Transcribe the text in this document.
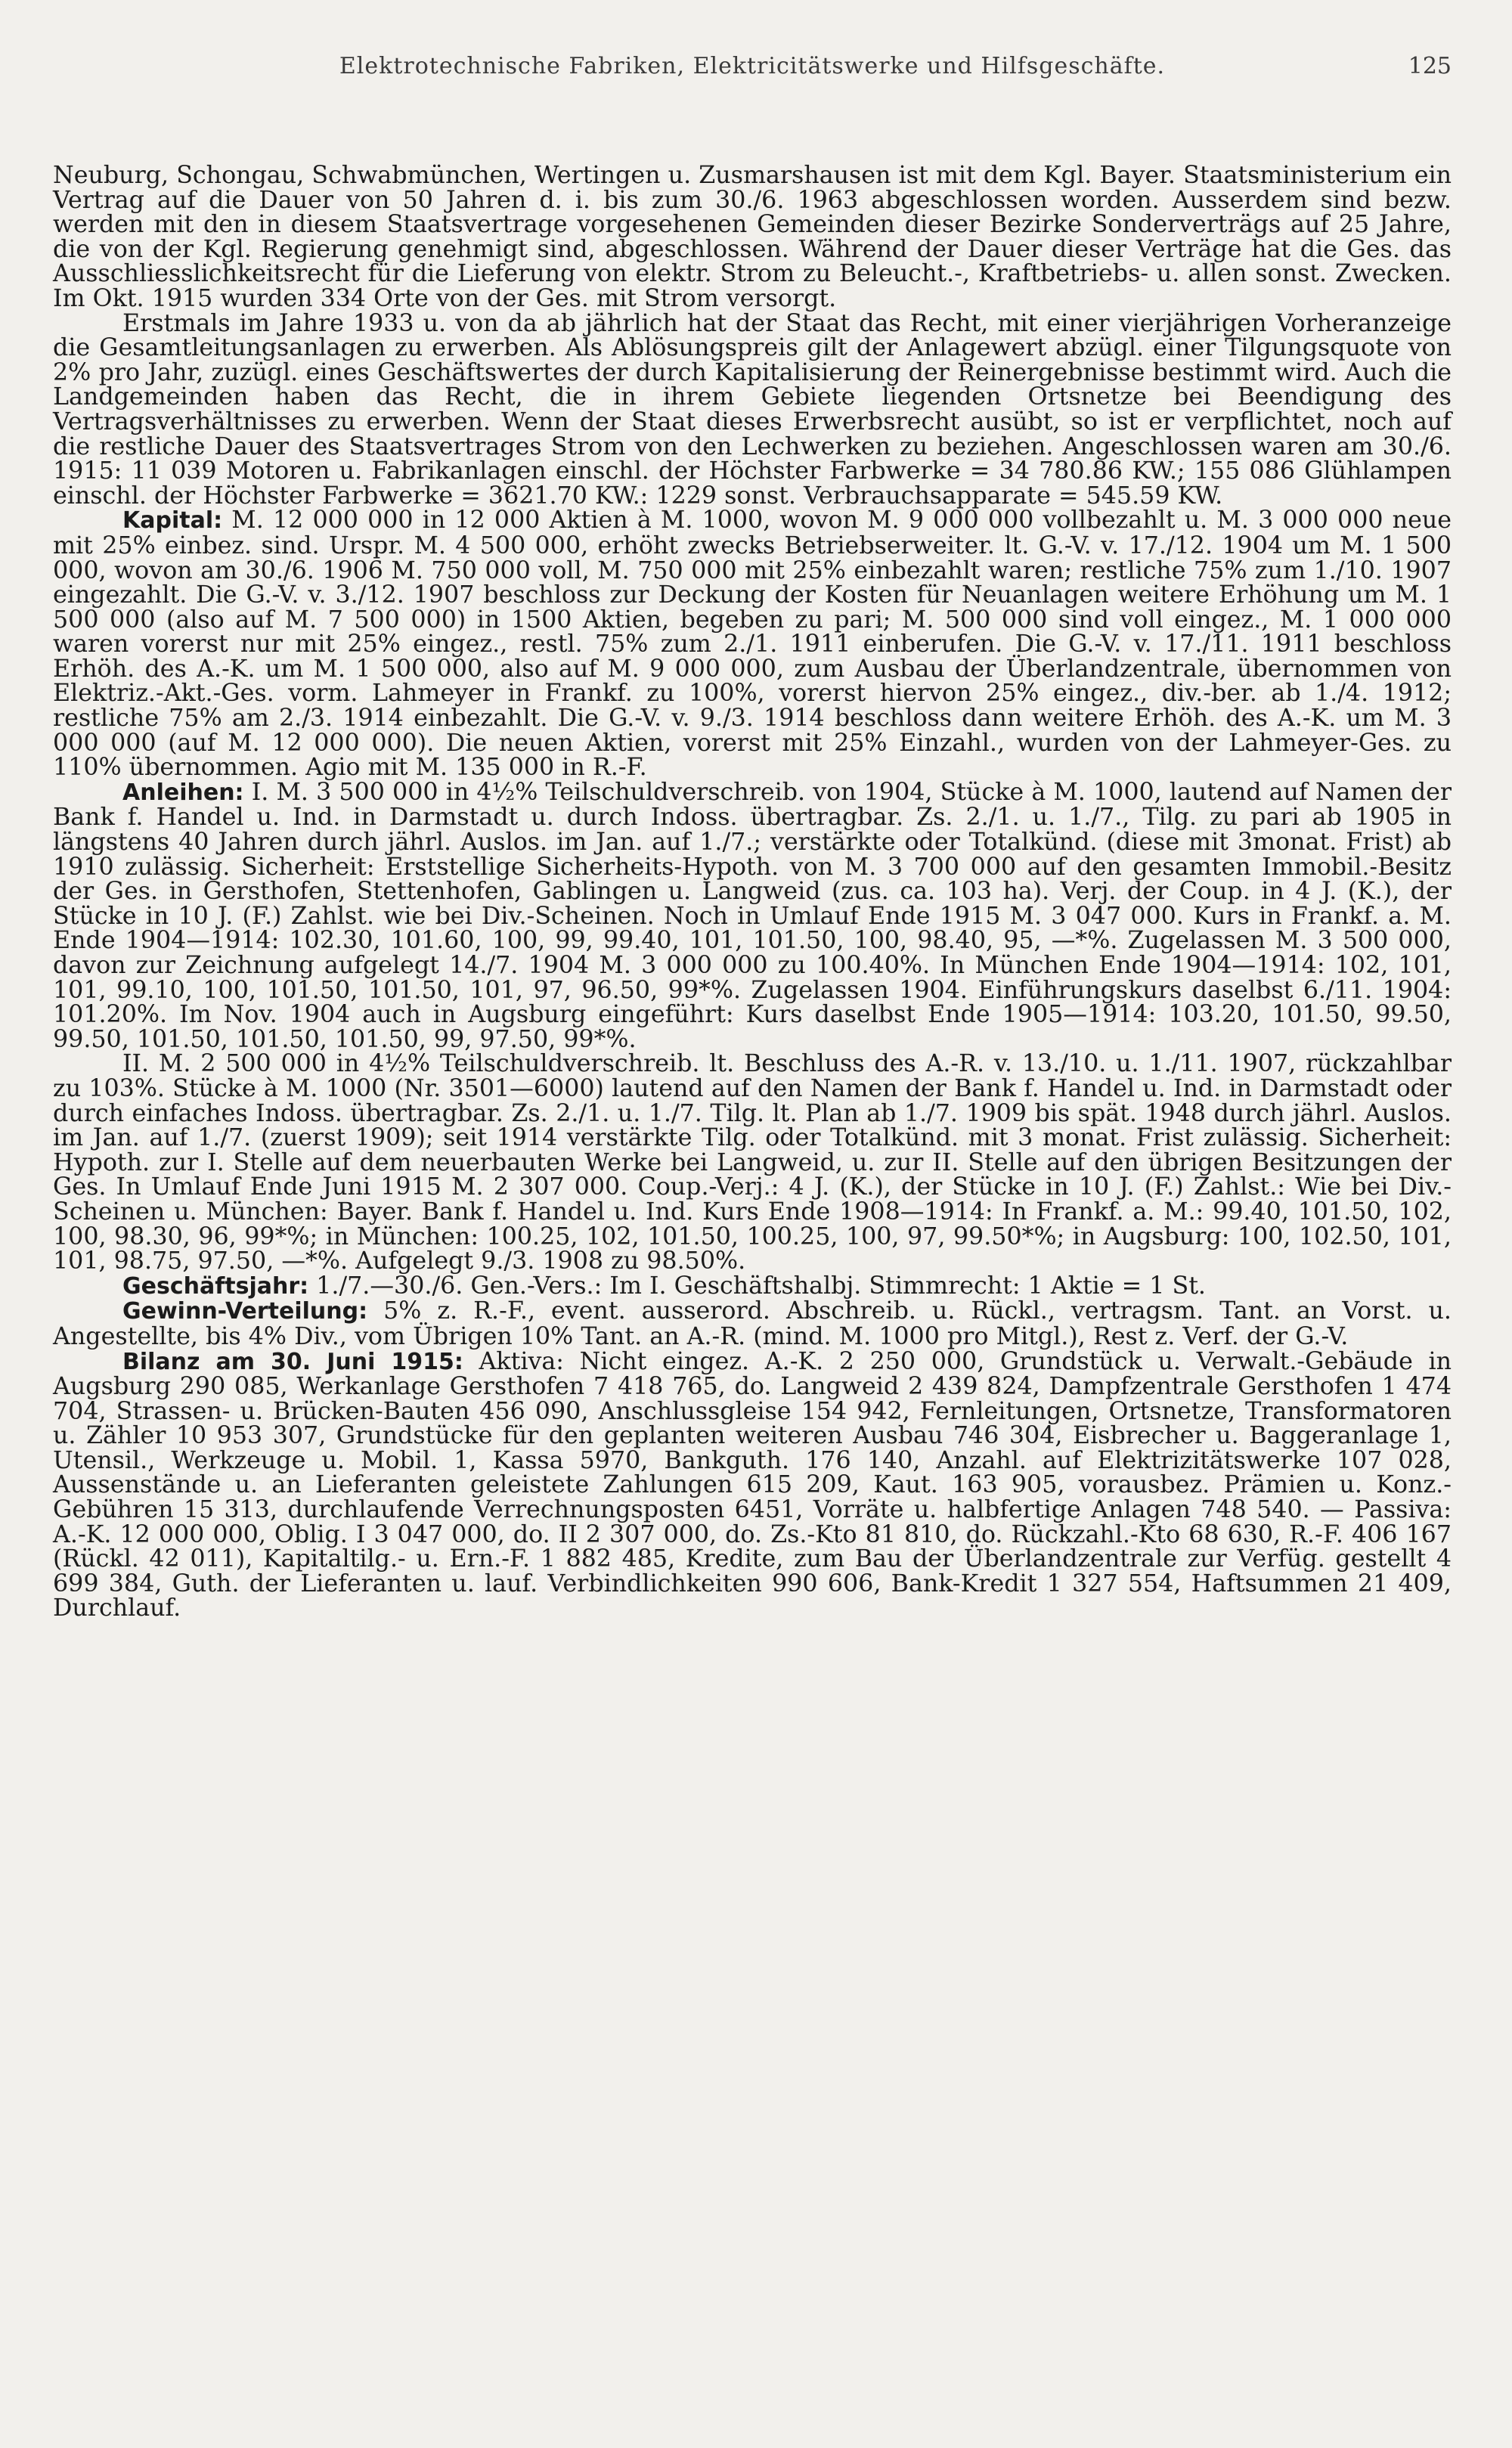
Elektrotechnische Fabriken, Elektricitätswerke und Hilfsgeschäfte.	125

Neuburg, Schongau, Schwabmünchen, Wertingen u. Zusmarshausen ist mit dem Kgl. Bayer. Staatsministerium ein Vertrag auf die Dauer von 50 Jahren d. i. bis zum 30./6. 1963 abgeschlossen worden. Ausserdem sind bezw. werden mit den in diesem Staatsvertrage vorgesehenen Gemeinden dieser Bezirke Sonderverträgs auf 25 Jahre, die von der Kgl. Regierung genehmigt sind, abgeschlossen. Während der Dauer dieser Verträge hat die Ges. das Ausschliesslichkeitsrecht für die Lieferung von elektr. Strom zu Beleucht.-, Kraftbetriebs- u. allen sonst. Zwecken. Im Okt. 1915 wurden 334 Orte von der Ges. mit Strom versorgt.

Erstmals im Jahre 1933 u. von da ab jährlich hat der Staat das Recht, mit einer vierjährigen Vorheranzeige die Gesamtleitungsanlagen zu erwerben. Als Ablösungspreis gilt der Anlagewert abzügl. einer Tilgungsquote von 2% pro Jahr, zuzügl. eines Geschäftswertes der durch Kapitalisierung der Reinergebnisse bestimmt wird. Auch die Landgemeinden haben das Recht, die in ihrem Gebiete liegenden Ortsnetze bei Beendigung des Vertragsverhältnisses zu erwerben. Wenn der Staat dieses Erwerbsrecht ausübt, so ist er verpflichtet, noch auf die restliche Dauer des Staatsvertrages Strom von den Lechwerken zu beziehen. Angeschlossen waren am 30./6. 1915: 11 039 Motoren u. Fabrikanlagen einschl. der Höchster Farbwerke = 34 780.86 KW.; 155 086 Glühlampen einschl. der Höchster Farbwerke = 3621.70 KW.: 1229 sonst. Verbrauchsapparate = 545.59 KW.

Kapital: M. 12 000 000 in 12 000 Aktien à M. 1000, wovon M. 9 000 000 vollbezahlt u. M. 3 000 000 neue mit 25% einbez. sind. Urspr. M. 4 500 000, erhöht zwecks Betriebserweiter. lt. G.-V. v. 17./12. 1904 um M. 1 500 000, wovon am 30./6. 1906 M. 750 000 voll, M. 750 000 mit 25% einbezahlt waren; restliche 75% zum 1./10. 1907 eingezahlt. Die G.-V. v. 3./12. 1907 beschloss zur Deckung der Kosten für Neuanlagen weitere Erhöhung um M. 1 500 000 (also auf M. 7 500 000) in 1500 Aktien, begeben zu pari; M. 500 000 sind voll eingez., M. 1 000 000 waren vorerst nur mit 25% eingez., restl. 75% zum 2./1. 1911 einberufen. Die G.-V. v. 17./11. 1911 beschloss Erhöh. des A.-K. um M. 1 500 000, also auf M. 9 000 000, zum Ausbau der Überlandzentrale, übernommen von Elektriz.-Akt.-Ges. vorm. Lahmeyer in Frankf. zu 100%, vorerst hiervon 25% eingez., div.-ber. ab 1./4. 1912; restliche 75% am 2./3. 1914 einbezahlt. Die G.-V. v. 9./3. 1914 beschloss dann weitere Erhöh. des A.-K. um M. 3 000 000 (auf M. 12 000 000). Die neuen Aktien, vorerst mit 25% Einzahl., wurden von der Lahmeyer-Ges. zu 110% übernommen. Agio mit M. 135 000 in R.-F.

Anleihen: I. M. 3 500 000 in 4½% Teilschuldverschreib. von 1904, Stücke à M. 1000, lautend auf Namen der Bank f. Handel u. Ind. in Darmstadt u. durch Indoss. übertragbar. Zs. 2./1. u. 1./7., Tilg. zu pari ab 1905 in längstens 40 Jahren durch jährl. Auslos. im Jan. auf 1./7.; verstärkte oder Totalkünd. (diese mit 3monat. Frist) ab 1910 zulässig. Sicherheit: Erststellige Sicherheits-Hypoth. von M. 3 700 000 auf den gesamten Immobil.-Besitz der Ges. in Gersthofen, Stettenhofen, Gablingen u. Langweid (zus. ca. 103 ha). Verj. der Coup. in 4 J. (K.), der Stücke in 10 J. (F.) Zahlst. wie bei Div.-Scheinen. Noch in Umlauf Ende 1915 M. 3 047 000. Kurs in Frankf. a. M. Ende 1904—1914: 102.30, 101.60, 100, 99, 99.40, 101, 101.50, 100, 98.40, 95, —*%. Zugelassen M. 3 500 000, davon zur Zeichnung aufgelegt 14./7. 1904 M. 3 000 000 zu 100.40%. In München Ende 1904—1914: 102, 101, 101, 99.10, 100, 101.50, 101.50, 101, 97, 96.50, 99*%. Zugelassen 1904. Einführungskurs daselbst 6./11. 1904: 101.20%. Im Nov. 1904 auch in Augsburg eingeführt: Kurs daselbst Ende 1905—1914: 103.20, 101.50, 99.50, 99.50, 101.50, 101.50, 101.50, 99, 97.50, 99*%.

II. M. 2 500 000 in 4½% Teilschuldverschreib. lt. Beschluss des A.-R. v. 13./10. u. 1./11. 1907, rückzahlbar zu 103%. Stücke à M. 1000 (Nr. 3501—6000) lautend auf den Namen der Bank f. Handel u. Ind. in Darmstadt oder durch einfaches Indoss. übertragbar. Zs. 2./1. u. 1./7. Tilg. lt. Plan ab 1./7. 1909 bis spät. 1948 durch jährl. Auslos. im Jan. auf 1./7. (zuerst 1909); seit 1914 verstärkte Tilg. oder Totalkünd. mit 3 monat. Frist zulässig. Sicherheit: Hypoth. zur I. Stelle auf dem neuerbauten Werke bei Langweid, u. zur II. Stelle auf den übrigen Besitzungen der Ges. In Umlauf Ende Juni 1915 M. 2 307 000. Coup.-Verj.: 4 J. (K.), der Stücke in 10 J. (F.) Zahlst.: Wie bei Div.-Scheinen u. München: Bayer. Bank f. Handel u. Ind. Kurs Ende 1908—1914: In Frankf. a. M.: 99.40, 101.50, 102, 100, 98.30, 96, 99*%; in München: 100.25, 102, 101.50, 100.25, 100, 97, 99.50*%; in Augsburg: 100, 102.50, 101, 101, 98.75, 97.50, —*%. Aufgelegt 9./3. 1908 zu 98.50%.

Geschäftsjahr: 1./7.—30./6. Gen.-Vers.: Im I. Geschäftshalbj. Stimmrecht: 1 Aktie = 1 St.

Gewinn-Verteilung: 5% z. R.-F., event. ausserord. Abschreib. u. Rückl., vertragsm. Tant. an Vorst. u. Angestellte, bis 4% Div., vom Übrigen 10% Tant. an A.-R. (mind. M. 1000 pro Mitgl.), Rest z. Verf. der G.-V.

Bilanz am 30. Juni 1915: Aktiva: Nicht eingez. A.-K. 2 250 000, Grundstück u. Verwalt.-Gebäude in Augsburg 290 085, Werkanlage Gersthofen 7 418 765, do. Langweid 2 439 824, Dampfzentrale Gersthofen 1 474 704, Strassen- u. Brücken-Bauten 456 090, Anschlussgleise 154 942, Fernleitungen, Ortsnetze, Transformatoren u. Zähler 10 953 307, Grundstücke für den geplanten weiteren Ausbau 746 304, Eisbrecher u. Baggeranlage 1, Utensil., Werkzeuge u. Mobil. 1, Kassa 5970, Bankguth. 176 140, Anzahl. auf Elektrizitätswerke 107 028, Aussenstände u. an Lieferanten geleistete Zahlungen 615 209, Kaut. 163 905, vorausbez. Prämien u. Konz.-Gebühren 15 313, durchlaufende Verrechnungsposten 6451, Vorräte u. halbfertige Anlagen 748 540. — Passiva: A.-K. 12 000 000, Oblig. I 3 047 000, do. II 2 307 000, do. Zs.-Kto 81 810, do. Rückzahl.-Kto 68 630, R.-F. 406 167 (Rückl. 42 011), Kapitaltilg.- u. Ern.-F. 1 882 485, Kredite, zum Bau der Überlandzentrale zur Verfüg. gestellt 4 699 384, Guth. der Lieferanten u. lauf. Verbindlichkeiten 990 606, Bank-Kredit 1 327 554, Haftsummen 21 409, Durchlauf.
